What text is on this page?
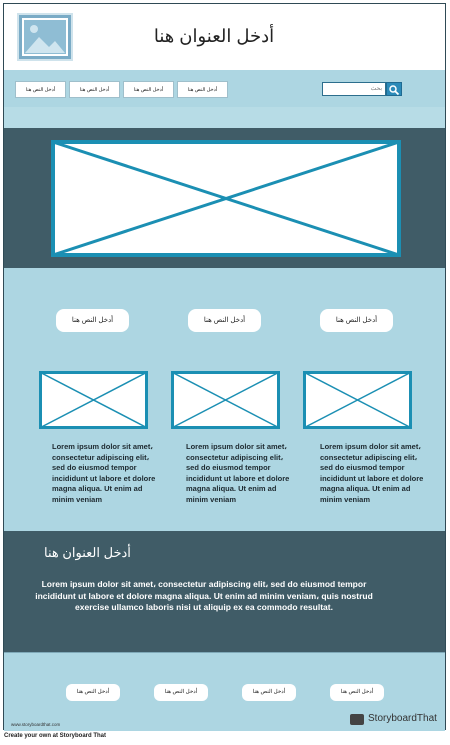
أدخل العنوان هنا
أدخل النص هنا	أدخل النص هنا	أدخل النص هنا	أدخل النص هنا
بحث
أدخل النص هنا	أدخل النص هنا	أدخل النص هنا
Lorem ipsum dolor sit amet، consectetur adipiscing elit، sed do eiusmod tempor incididunt ut labore et dolore magna aliqua. Ut enim ad minim veniam
Lorem ipsum dolor sit amet، consectetur adipiscing elit، sed do eiusmod tempor incididunt ut labore et dolore magna aliqua. Ut enim ad minim veniam
Lorem ipsum dolor sit amet، consectetur adipiscing elit، sed do eiusmod tempor incididunt ut labore et dolore magna aliqua. Ut enim ad minim veniam
أدخل العنوان هنا
Lorem ipsum dolor sit amet، consectetur adipiscing elit، sed do eiusmod tempor incididunt ut labore et dolore magna aliqua. Ut enim ad minim veniam، quis nostrud exercise ullamco laboris nisi ut aliquip ex ea commodo resultat.
أدخل النص هنا	أدخل النص هنا	أدخل النص هنا	أدخل النص هنا
www.storyboardthat.com
StoryboardThat
Create your own at Storyboard That
